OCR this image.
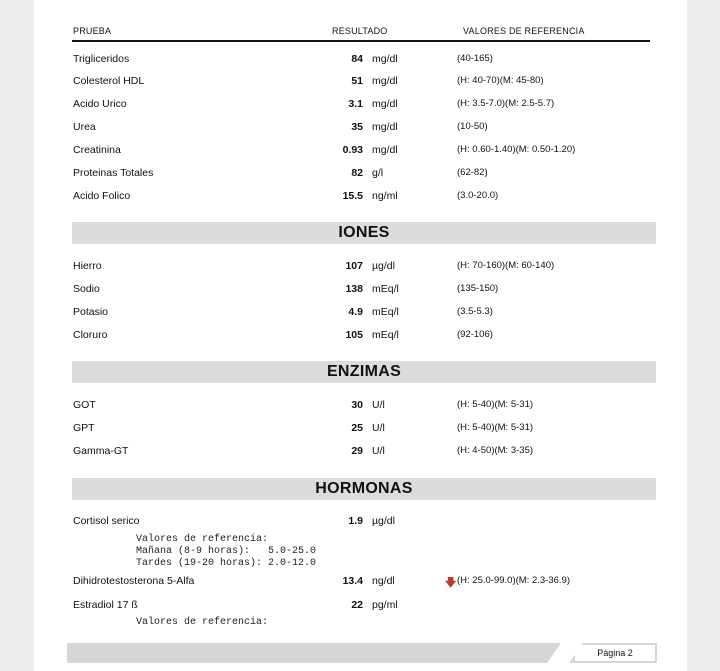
PRUEBA	RESULTADO	VALORES DE REFERENCIA
Trigliceridos	84 mg/dl	(40-165)
Colesterol HDL	51 mg/dl	(H: 40-70)(M: 45-80)
Acido Urico	3.1 mg/dl	(H: 3.5-7.0)(M: 2.5-5.7)
Urea	35 mg/dl	(10-50)
Creatinina	0.93 mg/dl	(H: 0.60-1.40)(M: 0.50-1.20)
Proteinas Totales	82 g/l	(62-82)
Acido Folico	15.5 ng/ml	(3.0-20.0)
IONES
Hierro	107 µg/dl	(H: 70-160)(M: 60-140)
Sodio	138 mEq/l	(135-150)
Potasio	4.9 mEq/l	(3.5-5.3)
Cloruro	105 mEq/l	(92-106)
ENZIMAS
GOT	30 U/l	(H: 5-40)(M: 5-31)
GPT	25 U/l	(H: 5-40)(M: 5-31)
Gamma-GT	29 U/l	(H: 4-50)(M: 3-35)
HORMONAS
Cortisol serico	1.9 µg/dl
Valores de referencia:
Mañana (8-9 horas):   5.0-25.0
Tardes (19-20 horas): 2.0-12.0
Dihidrotestosterona 5-Alfa	13.4 ng/dl	🡇 (H: 25.0-99.0)(M: 2.3-36.9)
Estradiol 17 ß	22 pg/ml
Valores de referencia:
Página 2
